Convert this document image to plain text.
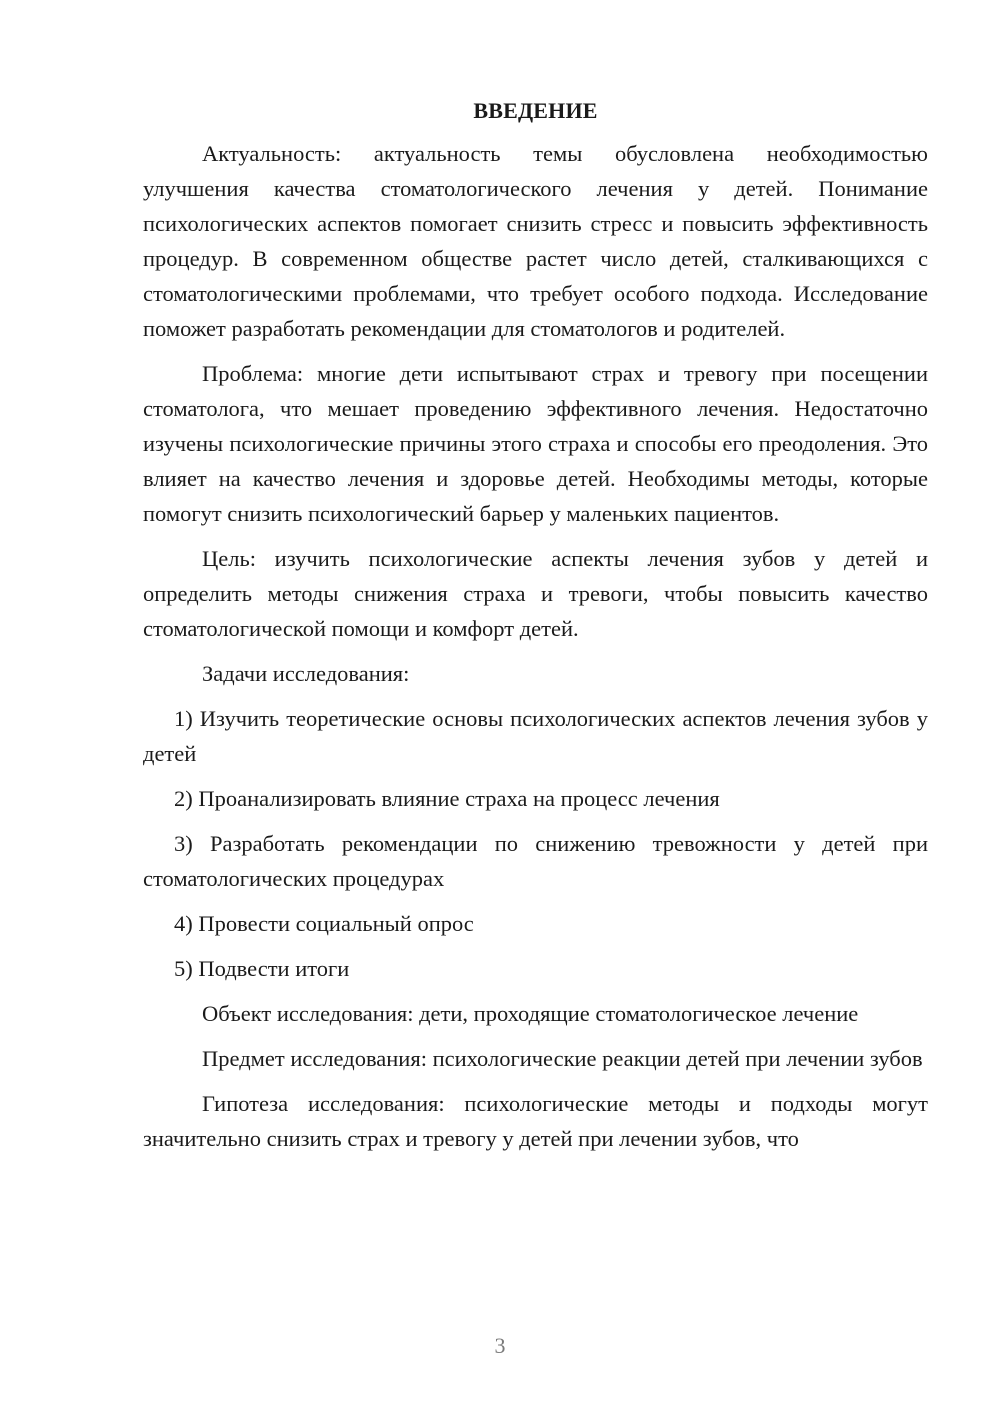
ВВЕДЕНИЕ

Актуальность: актуальность темы обусловлена необходимостью улучшения качества стоматологического лечения у детей. Понимание психологических аспектов помогает снизить стресс и повысить эффективность процедур. В современном обществе растет число детей, сталкивающихся с стоматологическими проблемами, что требует особого подхода. Исследование поможет разработать рекомендации для стоматологов и родителей.

Проблема: многие дети испытывают страх и тревогу при посещении стоматолога, что мешает проведению эффективного лечения. Недостаточно изучены психологические причины этого страха и способы его преодоления. Это влияет на качество лечения и здоровье детей. Необходимы методы, которые помогут снизить психологический барьер у маленьких пациентов.

Цель: изучить психологические аспекты лечения зубов у детей и определить методы снижения страха и тревоги, чтобы повысить качество стоматологической помощи и комфорт детей.

Задачи исследования:

1) Изучить теоретические основы психологических аспектов лечения зубов у детей

2) Проанализировать влияние страха на процесс лечения

3) Разработать рекомендации по снижению тревожности у детей при стоматологических процедурах

4) Провести социальный опрос

5) Подвести итоги

Объект исследования: дети, проходящие стоматологическое лечение

Предмет исследования: психологические реакции детей при лечении зубов

Гипотеза исследования: психологические методы и подходы могут значительно снизить страх и тревогу у детей при лечении зубов, что

3
